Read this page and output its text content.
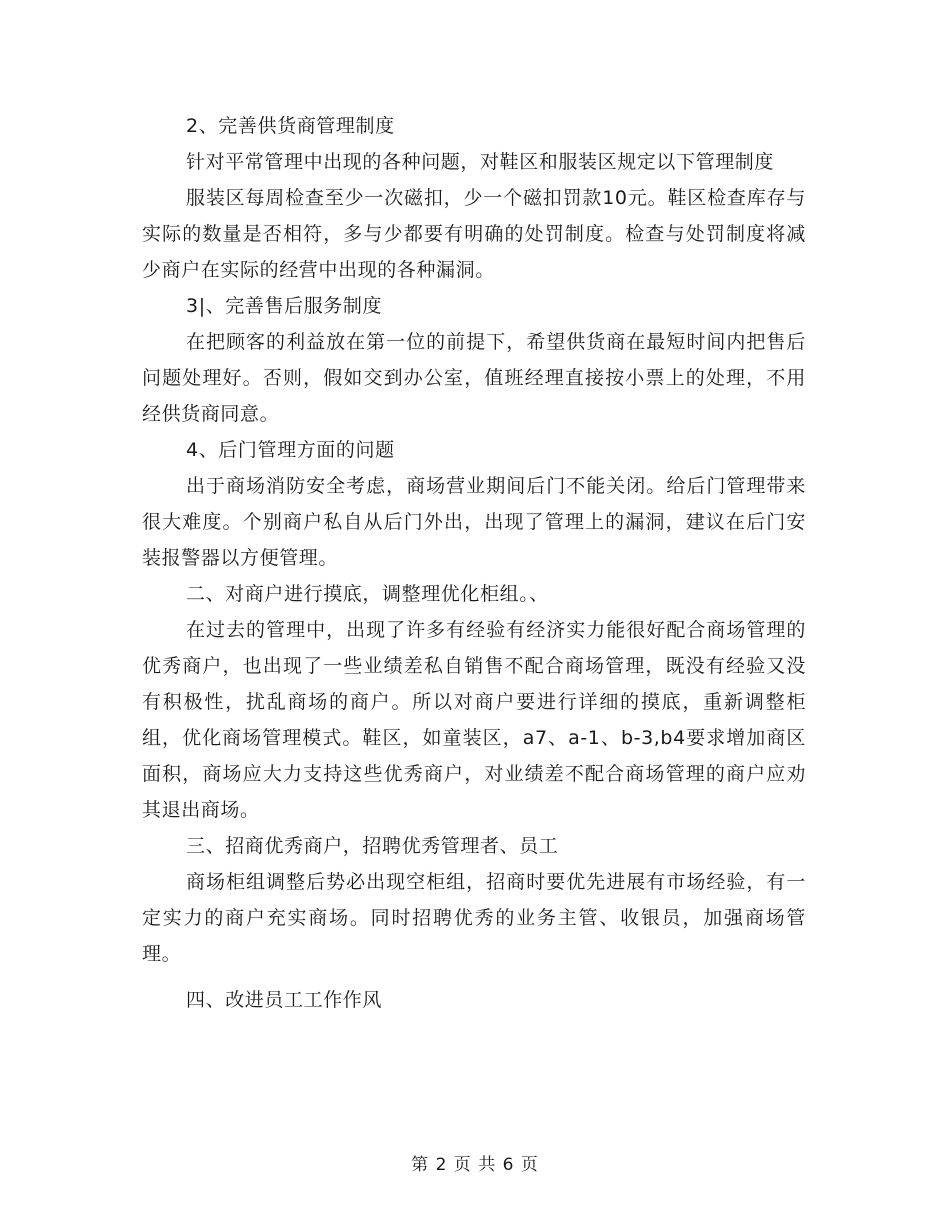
2、完善供货商管理制度

针对平常管理中出现的各种问题，对鞋区和服装区规定以下管理制度

服装区每周检查至少一次磁扣，少一个磁扣罚款10元。鞋区检查库存与实际的数量是否相符，多与少都要有明确的处罚制度。检查与处罚制度将减少商户在实际的经营中出现的各种漏洞。

3|、完善售后服务制度

在把顾客的利益放在第一位的前提下，希望供货商在最短时间内把售后问题处理好。否则，假如交到办公室，值班经理直接按小票上的处理，不用经供货商同意。

4、后门管理方面的问题

出于商场消防安全考虑，商场营业期间后门不能关闭。给后门管理带来很大难度。个别商户私自从后门外出，出现了管理上的漏洞，建议在后门安装报警器以方便管理。

二、对商户进行摸底，调整理优化柜组。、

在过去的管理中，出现了许多有经验有经济实力能很好配合商场管理的优秀商户，也出现了一些业绩差私自销售不配合商场管理，既没有经验又没有积极性，扰乱商场的商户。所以对商户要进行详细的摸底，重新调整柜组，优化商场管理模式。鞋区，如童装区，a7、a-1、b-3,b4要求增加商区面积，商场应大力支持这些优秀商户，对业绩差不配合商场管理的商户应劝其退出商场。

三、招商优秀商户，招聘优秀管理者、员工

商场柜组调整后势必出现空柜组，招商时要优先进展有市场经验，有一定实力的商户充实商场。同时招聘优秀的业务主管、收银员，加强商场管理。

四、改进员工工作作风

第 2 页 共 6 页
